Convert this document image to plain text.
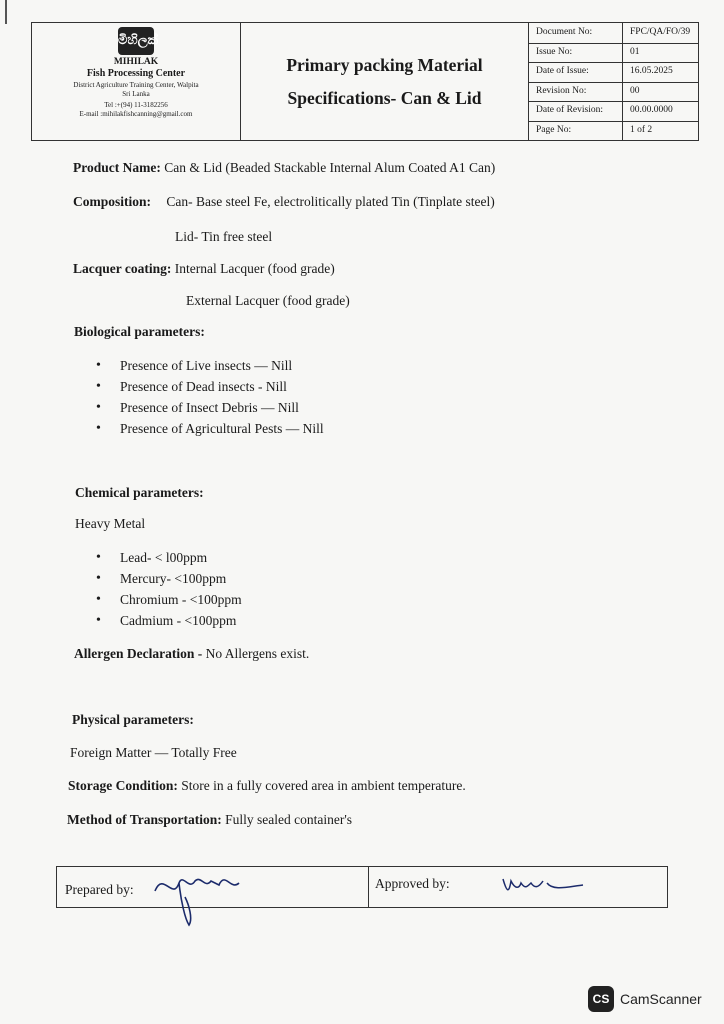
මිහිලක්
MIHILAK
Fish Processing Center
District Agriculture Training Center, Walpita
Sri Lanka
Tel :+(94) 11-3182256
E-mail :mihilakfishcanning@gmail.com
Primary packing Material
Specifications- Can & Lid
Document No:	FPC/QA/FO/39
Issue No:	01
Date of Issue:	16.05.2025
Revision No:	00
Date of Revision:	00.00.0000
Page No:	1 of 2
Product Name: Can & Lid (Beaded Stackable Internal Alum Coated A1 Can)
Composition: Can- Base steel Fe, electrolitically plated Tin (Tinplate steel)
Lid- Tin free steel
Lacquer coating: Internal Lacquer (food grade)
External Lacquer (food grade)
Biological parameters:
• Presence of Live insects — Nill
• Presence of Dead insects - Nill
• Presence of Insect Debris — Nill
• Presence of Agricultural Pests — Nill
Chemical parameters:
Heavy Metal
• Lead- < l00ppm
• Mercury- <100ppm
• Chromium - <100ppm
• Cadmium - <100ppm
Allergen Declaration - No Allergens exist.
Physical parameters:
Foreign Matter — Totally Free
Storage Condition: Store in a fully covered area in ambient temperature.
Method of Transportation: Fully sealed container's
Prepared by:	Approved by:
CS CamScanner
